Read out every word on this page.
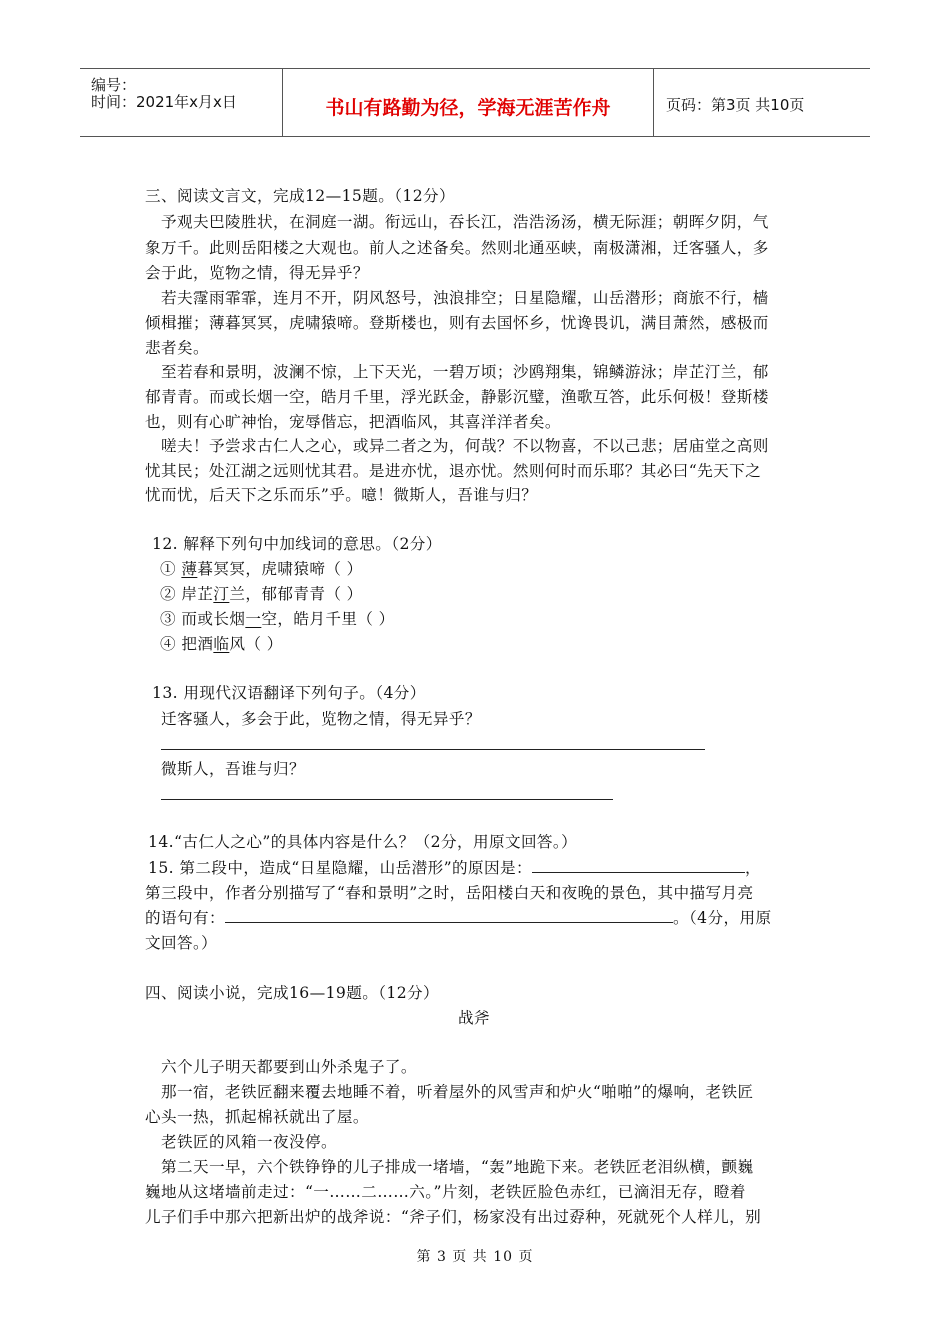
编号：
时间：2021年x月x日	书山有路勤为径，学海无涯苦作舟	页码：第3页 共10页
三、阅读文言文，完成12—15题。（12分）
予观夫巴陵胜状，在洞庭一湖。衔远山，吞长江，浩浩汤汤，横无际涯；朝晖夕阴，气
象万千。此则岳阳楼之大观也。前人之述备矣。然则北通巫峡，南极潇湘，迁客骚人，多
会于此，览物之情，得无异乎？
若夫霪雨霏霏，连月不开，阴风怒号，浊浪排空；日星隐耀，山岳潜形；商旅不行，樯
倾楫摧；薄暮冥冥，虎啸猿啼。登斯楼也，则有去国怀乡，忧谗畏讥，满目萧然，感极而
悲者矣。
至若春和景明，波澜不惊，上下天光，一碧万顷；沙鸥翔集，锦鳞游泳；岸芷汀兰，郁
郁青青。而或长烟一空，皓月千里，浮光跃金，静影沉璧，渔歌互答，此乐何极！登斯楼
也，则有心旷神怡，宠辱偕忘，把酒临风，其喜洋洋者矣。
嗟夫！予尝求古仁人之心，或异二者之为，何哉？不以物喜，不以己悲；居庙堂之高则
忧其民；处江湖之远则忧其君。是进亦忧，退亦忧。然则何时而乐耶？其必曰“先天下之
忧而忧，后天下之乐而乐”乎。噫！微斯人，吾谁与归？
12. 解释下列句中加线词的意思。（2分）
① 薄暮冥冥，虎啸猿啼（ ）
② 岸芷汀兰，郁郁青青（ ）
③ 而或长烟一空，皓月千里（ ）
④ 把酒临风（ ）
13. 用现代汉语翻译下列句子。（4分）
迁客骚人，多会于此，览物之情，得无异乎？
微斯人，吾谁与归？
14.“古仁人之心”的具体内容是什么？（2分，用原文回答。）
15. 第二段中，造成“日星隐耀，山岳潜形”的原因是：	，
第三段中，作者分别描写了“春和景明”之时，岳阳楼白天和夜晚的景色，其中描写月亮
的语句有：	。（4分，用原
文回答。）
四、阅读小说，完成16—19题。（12分）
战斧
六个儿子明天都要到山外杀鬼子了。
那一宿，老铁匠翻来覆去地睡不着，听着屋外的风雪声和炉火“啪啪”的爆响，老铁匠
心头一热，抓起棉袄就出了屋。
老铁匠的风箱一夜没停。
第二天一早，六个铁铮铮的儿子排成一堵墙，“轰”地跪下来。老铁匠老泪纵横，颤巍
巍地从这堵墙前走过：“一……二……六。”片刻，老铁匠脸色赤红，已滴泪无存，瞪着
儿子们手中那六把新出炉的战斧说：“斧子们，杨家没有出过孬种，死就死个人样儿，别
第 3 页 共 10 页
